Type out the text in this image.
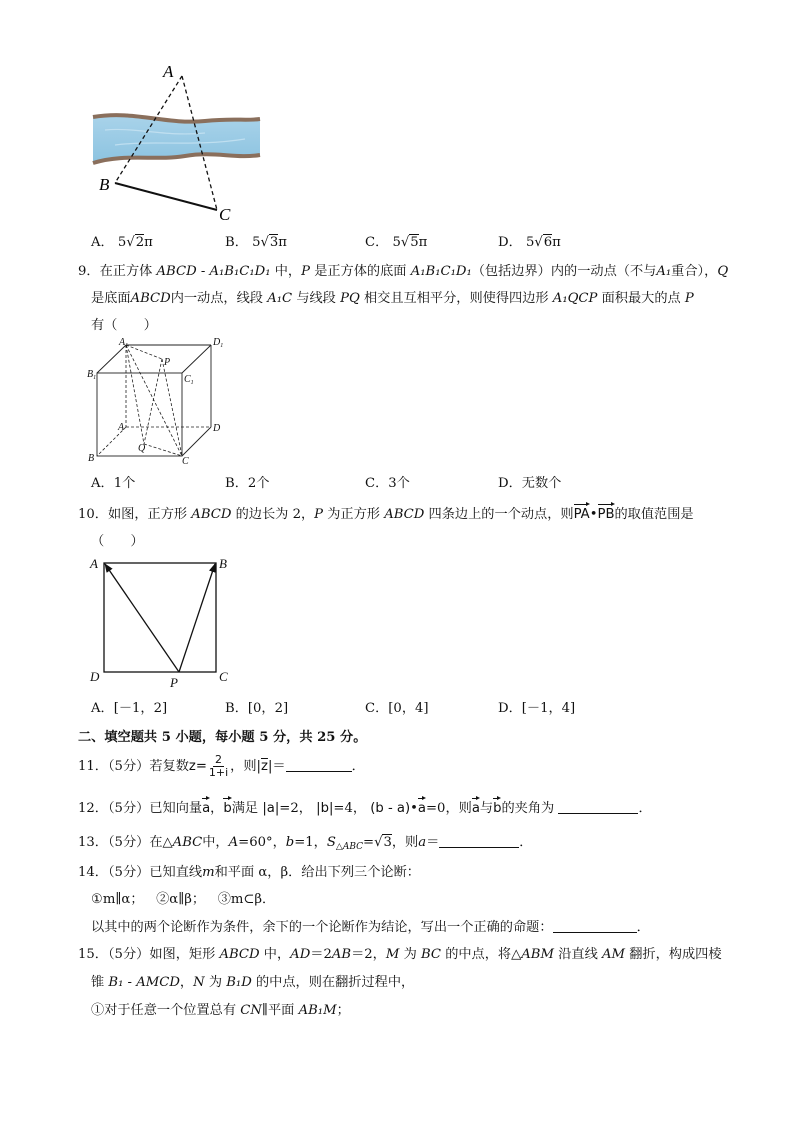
A
B
C
A． 5√2π	B． 5√3π	C． 5√5π	D． 5√6π
9．在正方体 ABCD - A₁B₁C₁D₁ 中，P 是正方体的底面 A₁B₁C₁D₁（包括边界）内的一动点（不与A₁重合），Q
是底面ABCD内一动点，线段 A₁C 与线段 PQ 相交且互相平分，则使得四边形 A₁QCP 面积最大的点 P
有（　　）
$A_1$	$D_1$
$B_1$	$C_1$
P
A	D
Q
B	C
A．1个	B．2个	C．3个	D．无数个
10．如图，正方形 ABCD 的边长为 2，P 为正方形 ABCD 四条边上的一个动点，则PA•PB的取值范围是
（　　）
A	B
D	C
P
A．[－1，2]	B．[0，2]	C．[0，4]	D．[－1，4]
二、填空题共 5 小题，每小题 5 分，共 25 分。
11．（5分）若复数$z= \frac{2}{1+i}$ ，则$|\overline{z}|=$	．
12．（5分）已知向量a，b满足 |a|=2， |b|=4， (b - a)•a=0，则a与b的夹角为	．
13．（5分）在△ABC中，A=60°，b=1，$S_{\triangle ABC}=√3$，则a＝	．
14．（5分）已知直线m和平面 α，β．给出下列三个论断：
①m∥α； ②α∥β； ③m⊂β．
以其中的两个论断作为条件，余下的一个论断作为结论，写出一个正确的命题：	．
15．（5分）如图，矩形 ABCD 中，AD＝2AB＝2，M 为 BC 的中点，将△ABM 沿直线 AM 翻折，构成四棱
锥 B₁ - AMCD，N 为 B₁D 的中点，则在翻折过程中，
①对于任意一个位置总有 CN∥平面 AB₁M；
